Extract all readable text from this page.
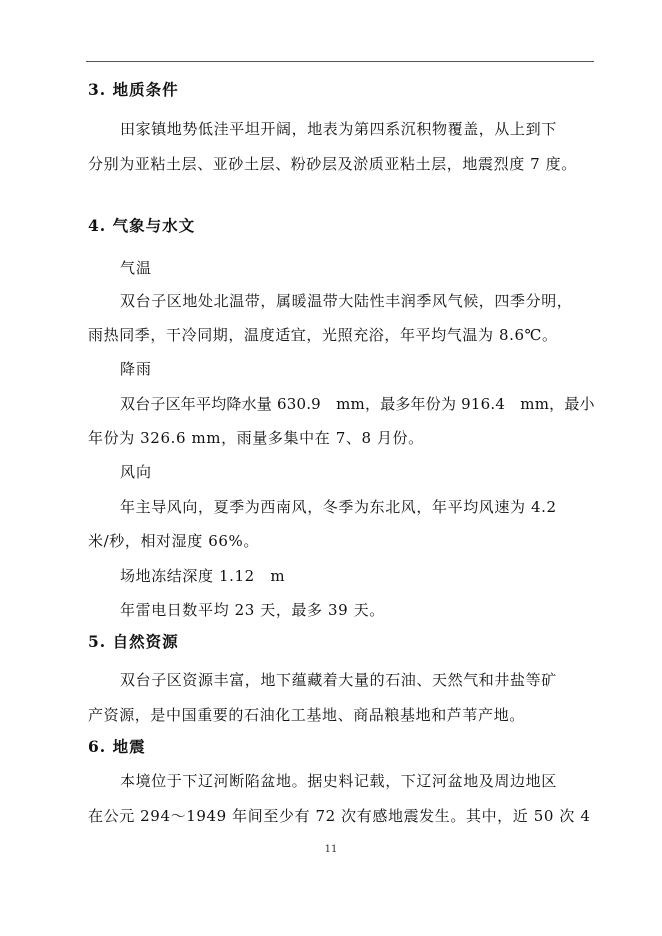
3. 地质条件
田家镇地势低洼平坦开阔，地表为第四系沉积物覆盖，从上到下
分别为亚粘土层、亚砂土层、粉砂层及淤质亚粘土层，地震烈度 7 度。
4. 气象与水文
气温
双台子区地处北温带，属暖温带大陆性丰润季风气候，四季分明，
雨热同季，干冷同期，温度适宜，光照充浴，年平均气温为 8.6℃。
降雨
双台子区年平均降水量 630.9　mm，最多年份为 916.4　mm，最小
年份为 326.6 mm，雨量多集中在 7、8 月份。
风向
年主导风向，夏季为西南风，冬季为东北风，年平均风速为 4.2
米/秒，相对湿度 66%。
场地冻结深度 1.12　m
年雷电日数平均 23 天，最多 39 天。
5. 自然资源
双台子区资源丰富，地下蕴藏着大量的石油、天然气和井盐等矿
产资源，是中国重要的石油化工基地、商品粮基地和芦苇产地。
6. 地震
本境位于下辽河断陷盆地。据史料记载，下辽河盆地及周边地区
在公元 294～1949 年间至少有 72 次有感地震发生。其中，近 50 次 4
11
